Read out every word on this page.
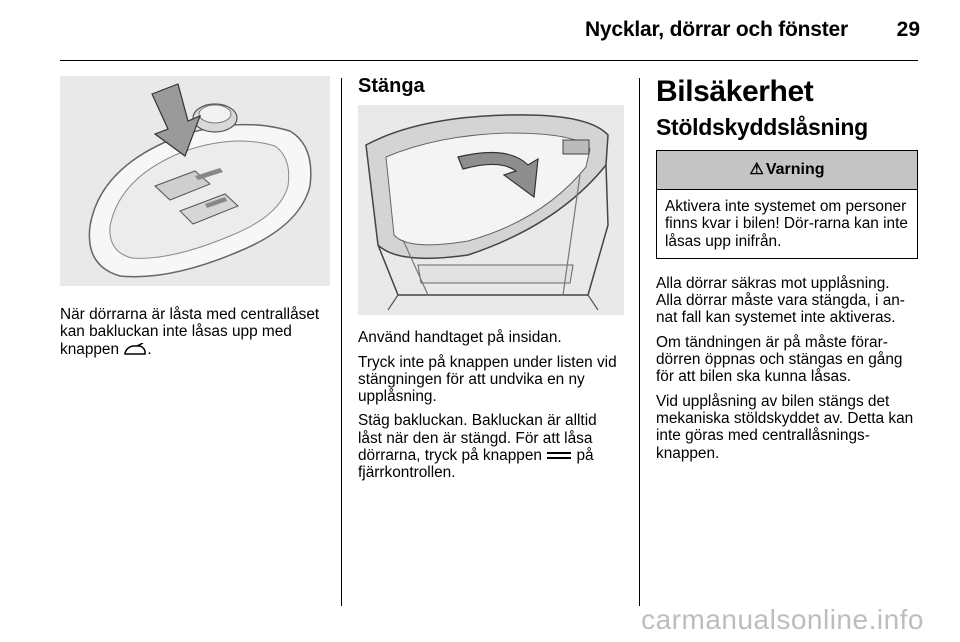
Nycklar, dörrar och fönster 29

När dörrarna är låsta med centrallåset kan bakluckan inte låsas upp med knappen .

Stänga

Använd handtaget på insidan.

Tryck inte på knappen under listen vid stängningen för att undvika en ny upplåsning.

Stäg bakluckan. Bakluckan är alltid låst när den är stängd. För att låsa dörrarna, tryck på knappen på fjärrkontrollen.

Bilsäkerhet
Stöldskyddslåsning
⚠ Varning
Aktivera inte systemet om personer finns kvar i bilen! Dör-rarna kan inte låsas upp inifrån.

Alla dörrar säkras mot upplåsning. Alla dörrar måste vara stängda, i an-nat fall kan systemet inte aktiveras.

Om tändningen är på måste förar-dörren öppnas och stängas en gång för att bilen ska kunna låsas.

Vid upplåsning av bilen stängs det mekaniska stöldskyddet av. Detta kan inte göras med centrallåsnings-knappen.

carmanualsonline.info
